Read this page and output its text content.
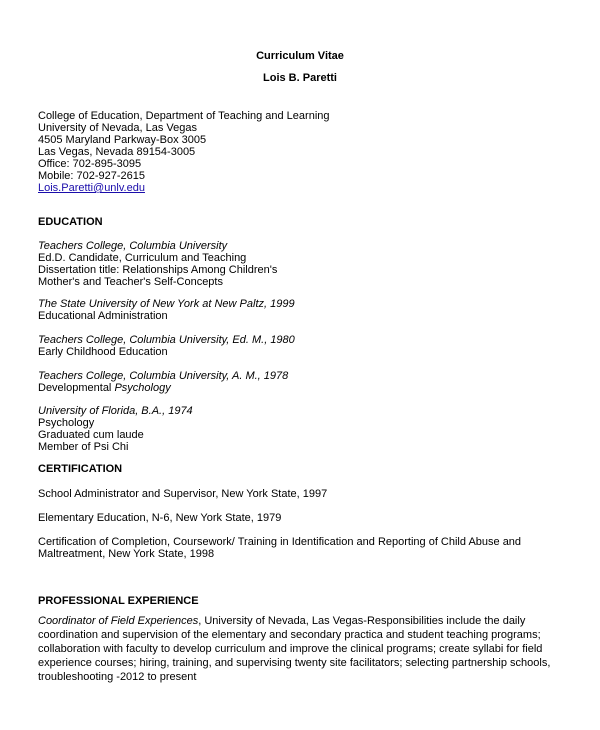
Curriculum Vitae
Lois B. Paretti
College of Education, Department of Teaching and Learning
University of Nevada, Las Vegas
4505 Maryland Parkway-Box 3005
Las Vegas, Nevada 89154-3005
Office: 702-895-3095
Mobile: 702-927-2615
Lois.Paretti@unlv.edu
EDUCATION
Teachers College, Columbia University
Ed.D. Candidate, Curriculum and Teaching
Dissertation title: Relationships Among Children's
Mother's and Teacher's Self-Concepts
The State University of New York at New Paltz, 1999
Educational Administration
Teachers College, Columbia University, Ed. M., 1980
Early Childhood Education
Teachers College, Columbia University, A. M., 1978
Developmental Psychology
University of Florida, B.A., 1974
Psychology
Graduated cum laude
Member of Psi Chi
CERTIFICATION
School Administrator and Supervisor, New York State, 1997
Elementary Education, N-6, New York State, 1979
Certification of Completion, Coursework/ Training in Identification and Reporting of Child Abuse and
Maltreatment, New York State, 1998
PROFESSIONAL EXPERIENCE
Coordinator of Field Experiences, University of Nevada, Las Vegas-Responsibilities include the daily coordination and supervision of the elementary and secondary practica and student teaching programs; collaboration with faculty to develop curriculum and improve the clinical programs; create syllabi for field experience courses; hiring, training, and supervising twenty site facilitators; selecting partnership schools, troubleshooting -2012 to present
